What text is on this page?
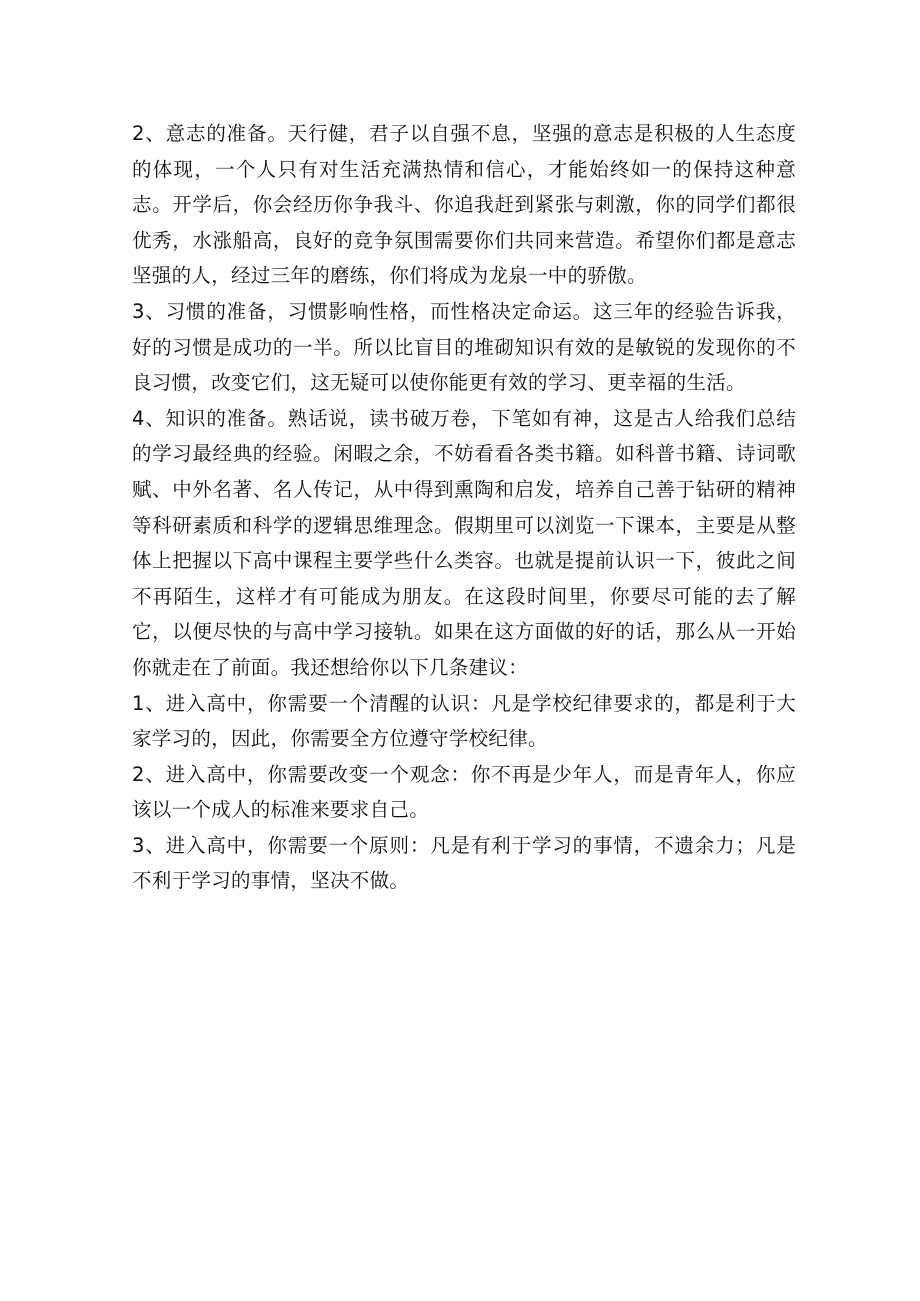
2、意志的准备。天行健，君子以自强不息，坚强的意志是积极的人生态度的体现，一个人只有对生活充满热情和信心，才能始终如一的保持这种意志。开学后，你会经历你争我斗、你追我赶到紧张与刺激，你的同学们都很优秀，水涨船高，良好的竞争氛围需要你们共同来营造。希望你们都是意志坚强的人，经过三年的磨练，你们将成为龙泉一中的骄傲。

3、习惯的准备，习惯影响性格，而性格决定命运。这三年的经验告诉我，好的习惯是成功的一半。所以比盲目的堆砌知识有效的是敏锐的发现你的不良习惯，改变它们，这无疑可以使你能更有效的学习、更幸福的生活。

4、知识的准备。熟话说，读书破万卷，下笔如有神，这是古人给我们总结的学习最经典的经验。闲暇之余，不妨看看各类书籍。如科普书籍、诗词歌赋、中外名著、名人传记，从中得到熏陶和启发，培养自己善于钻研的精神等科研素质和科学的逻辑思维理念。假期里可以浏览一下课本，主要是从整体上把握以下高中课程主要学些什么类容。也就是提前认识一下，彼此之间不再陌生，这样才有可能成为朋友。在这段时间里，你要尽可能的去了解它，以便尽快的与高中学习接轨。如果在这方面做的好的话，那么从一开始你就走在了前面。我还想给你以下几条建议：

1、进入高中，你需要一个清醒的认识：凡是学校纪律要求的，都是利于大家学习的，因此，你需要全方位遵守学校纪律。

2、进入高中，你需要改变一个观念：你不再是少年人，而是青年人，你应该以一个成人的标准来要求自己。

3、进入高中，你需要一个原则：凡是有利于学习的事情，不遗余力；凡是不利于学习的事情，坚决不做。
